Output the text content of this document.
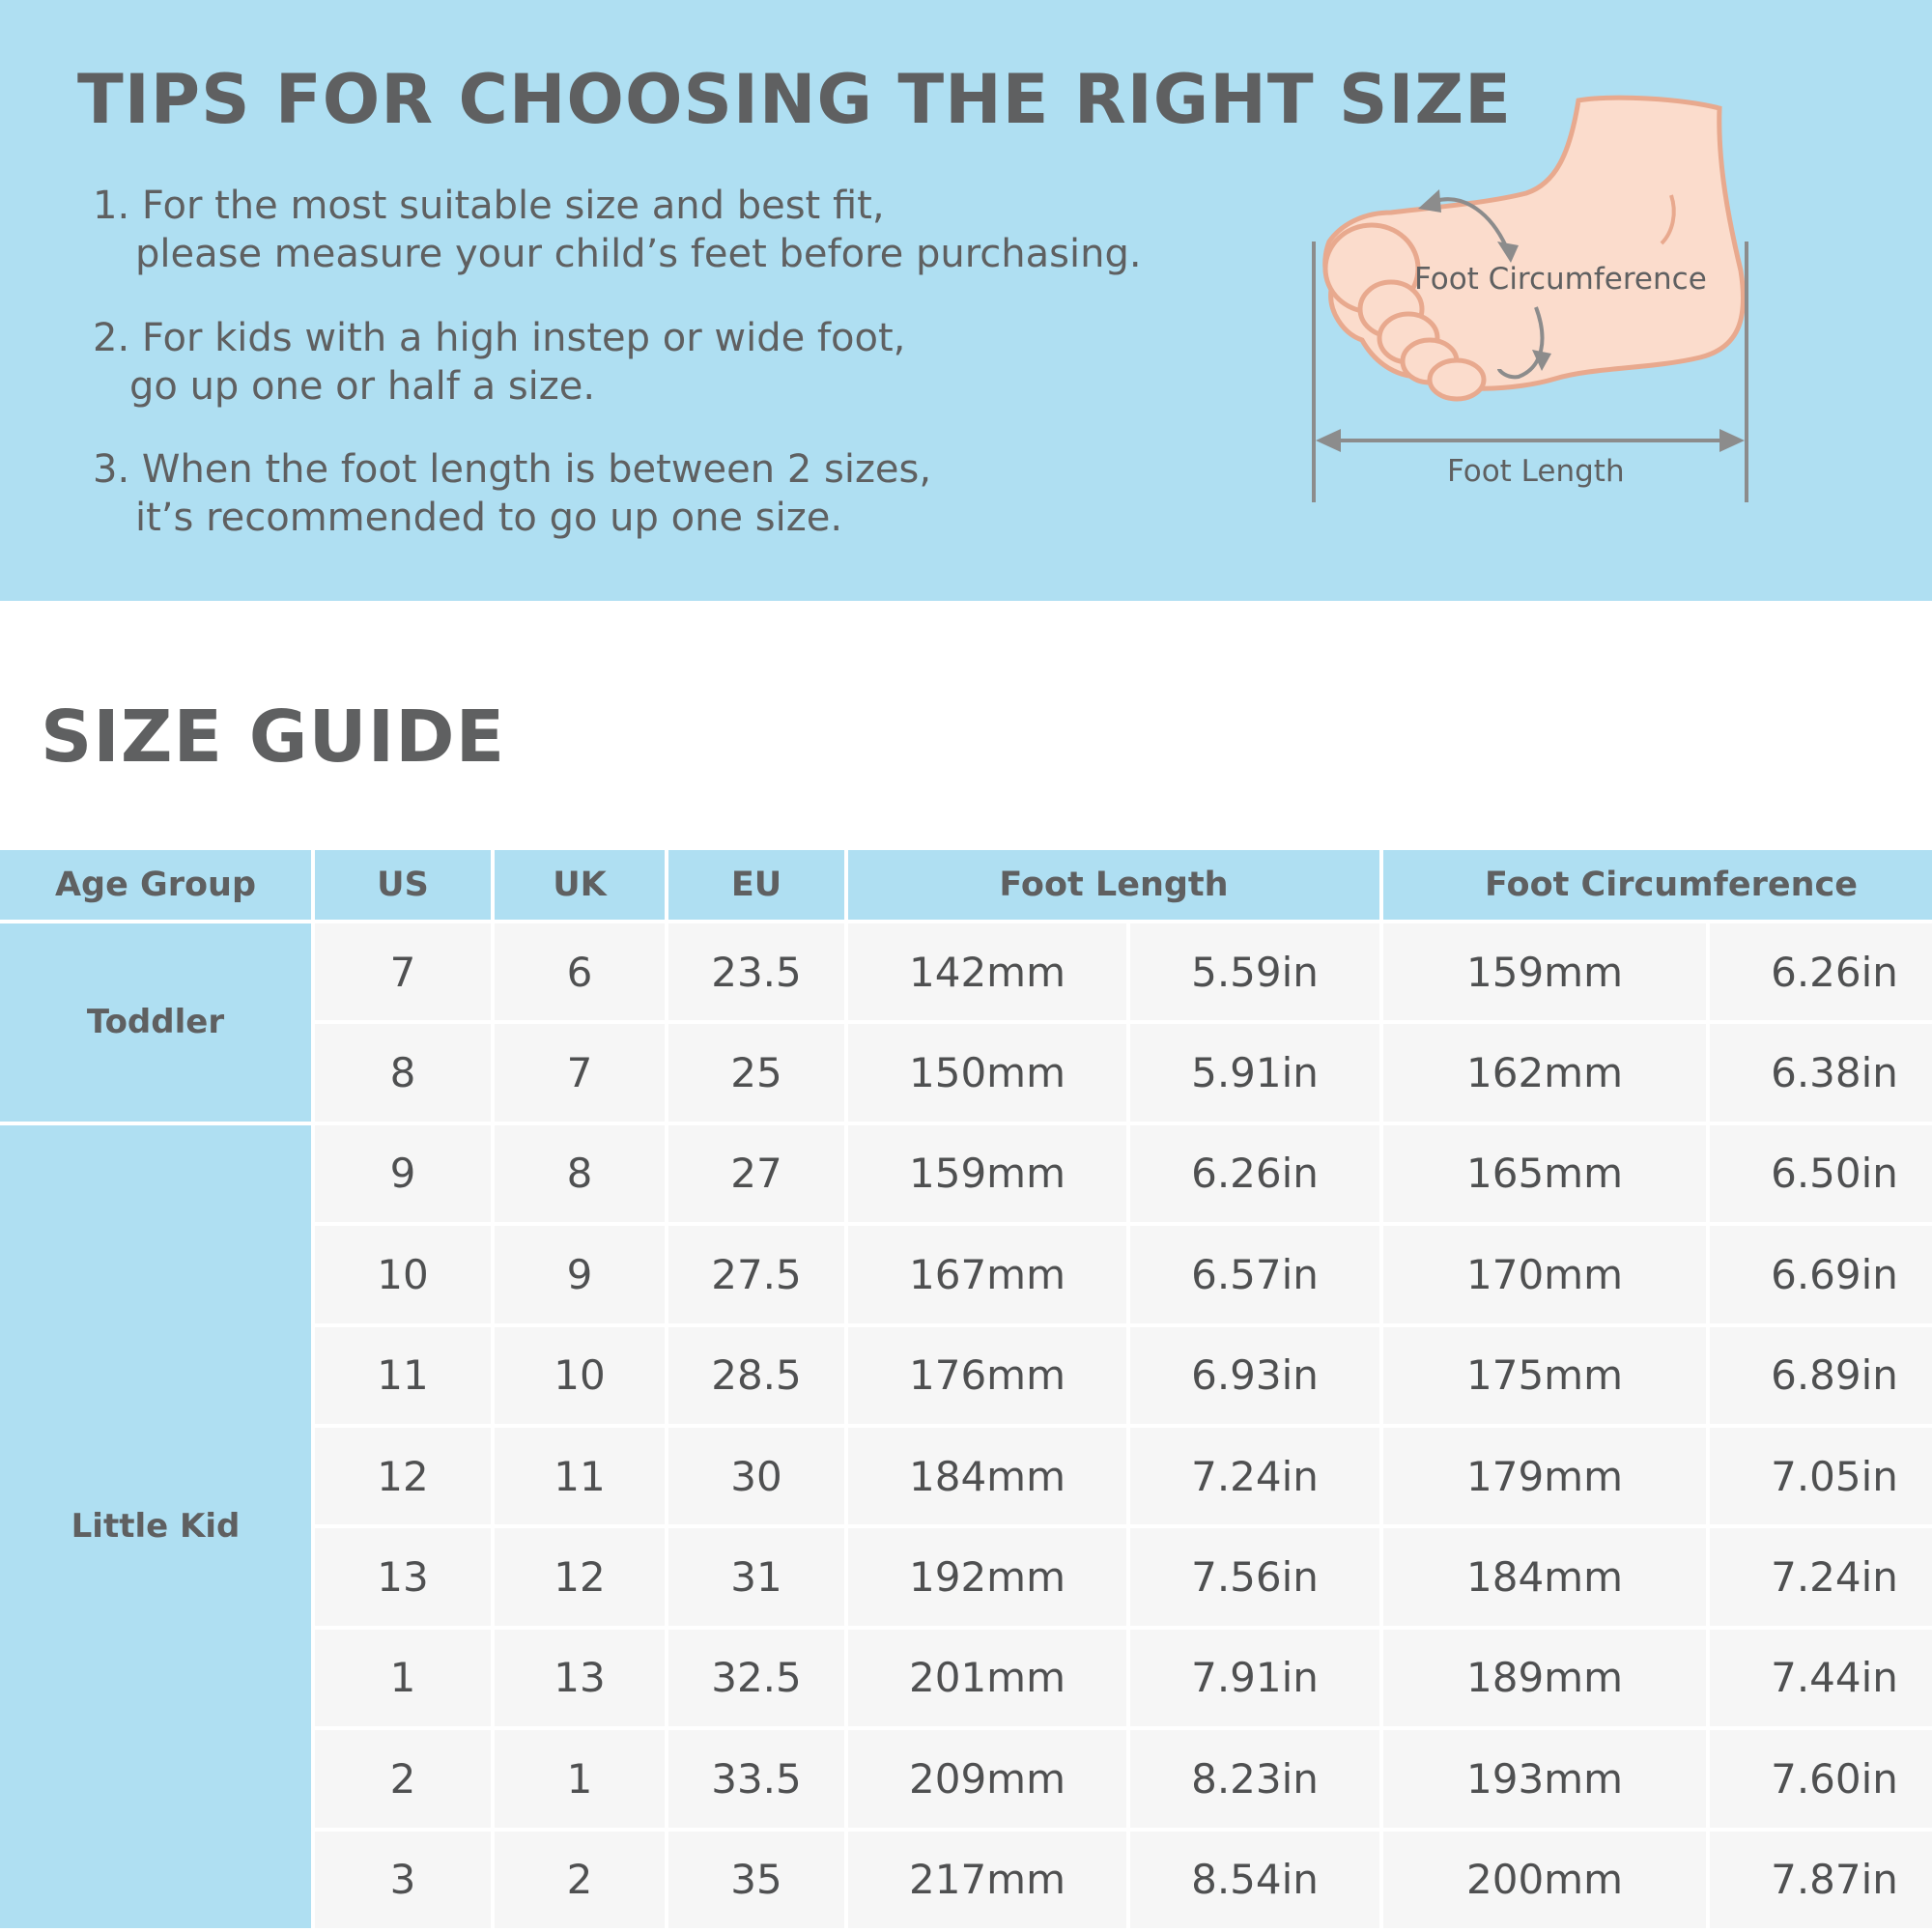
TIPS FOR CHOOSING THE RIGHT SIZE
1. For the most suitable size and best fit,
please measure your child’s feet before purchasing.
2. For kids with a high instep or wide foot,
go up one or half a size.
3. When the foot length is between 2 sizes,
it’s recommended to go up one size.
Foot Circumference
Foot Length
SIZE GUIDE
Age Group	US	UK	EU	Foot Length		Foot Circumference	
Toddler	7	6	23.5	142mm	5.59in	159mm	6.26in
	8	7	25	150mm	5.91in	162mm	6.38in
Little Kid	9	8	27	159mm	6.26in	165mm	6.50in
	10	9	27.5	167mm	6.57in	170mm	6.69in
	11	10	28.5	176mm	6.93in	175mm	6.89in
	12	11	30	184mm	7.24in	179mm	7.05in
	13	12	31	192mm	7.56in	184mm	7.24in
	1	13	32.5	201mm	7.91in	189mm	7.44in
	2	1	33.5	209mm	8.23in	193mm	7.60in
	3	2	35	217mm	8.54in	200mm	7.87in
